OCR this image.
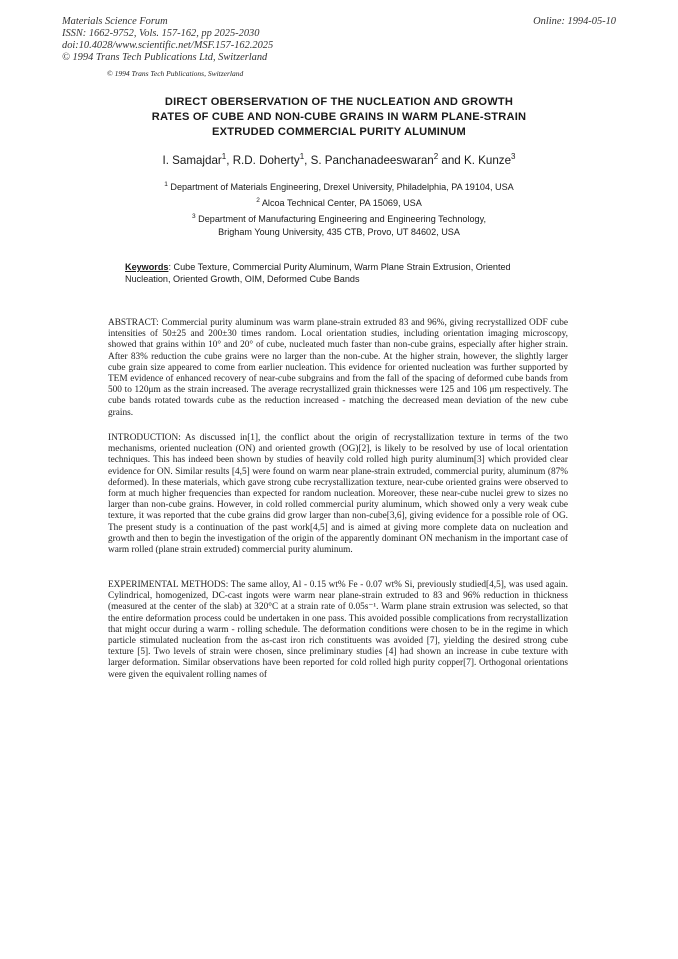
Materials Science Forum
ISSN: 1662-9752, Vols. 157-162, pp 2025-2030
doi:10.4028/www.scientific.net/MSF.157-162.2025
© 1994 Trans Tech Publications Ltd, Switzerland
Online: 1994-05-10
© 1994 Trans Tech Publications, Switzerland
DIRECT OBERSERVATION OF THE NUCLEATION AND GROWTH
RATES OF CUBE AND NON-CUBE GRAINS IN WARM PLANE-STRAIN
EXTRUDED COMMERCIAL PURITY ALUMINUM
I. Samajdar$^1$, R.D. Doherty$^1$, S. Panchanadeeswaran$^2$ and K. Kunze$^3$
$^1$ Department of Materials Engineering, Drexel University, Philadelphia, PA 19104, USA
$^2$ Alcoa Technical Center, PA 15069, USA
$^3$ Department of Manufacturing Engineering and Engineering Technology,
Brigham Young University, 435 CTB, Provo, UT 84602, USA
Keywords: Cube Texture, Commercial Purity Aluminum, Warm Plane Strain Extrusion, Oriented Nucleation, Oriented Growth, OIM, Deformed Cube Bands

ABSTRACT: Commercial purity aluminum was warm plane-strain extruded 83 and 96%, giving recrystallized ODF cube intensities of 50±25 and 200±30 times random. Local orientation studies, including orientation imaging microscopy, showed that grains within 10° and 20° of cube, nucleated much faster than non-cube grains, especially after higher strain. After 83% reduction the cube grains were no larger than the non-cube. At the higher strain, however, the slightly larger cube grain size appeared to come from earlier nucleation. This evidence for oriented nucleation was further supported by TEM evidence of enhanced recovery of near-cube subgrains and from the fall of the spacing of deformed cube bands from 500 to 120μm as the strain increased. The average recrystallized grain thicknesses were 125 and 106 μm respectively. The cube bands rotated towards cube as the reduction increased - matching the decreased mean deviation of the new cube grains.

INTRODUCTION: As discussed in[1], the conflict about the origin of recrystallization texture in terms of the two mechanisms, oriented nucleation (ON) and oriented growth (OG)[2], is likely to be resolved by use of local orientation techniques. This has indeed been shown by studies of heavily cold rolled high purity aluminum[3] which provided clear evidence for ON. Similar results [4,5] were found on warm near plane-strain extruded, commercial purity, aluminum (87% deformed). In these materials, which gave strong cube recrystallization texture, near-cube oriented grains were observed to form at much higher frequencies than expected for random nucleation. Moreover, these near-cube nuclei grew to sizes no larger than non-cube grains. However, in cold rolled commercial purity aluminum, which showed only a very weak cube texture, it was reported that the cube grains did grow larger than non-cube[3,6], giving evidence for a possible role of OG. The present study is a continuation of the past work[4,5] and is aimed at giving more complete data on nucleation and growth and then to begin the investigation of the origin of the apparently dominant ON mechanism in the important case of warm rolled (plane strain extruded) commercial purity aluminum.

EXPERIMENTAL METHODS: The same alloy, Al - 0.15 wt% Fe - 0.07 wt% Si, previously studied[4,5], was used again. Cylindrical, homogenized, DC-cast ingots were warm near plane-strain extruded to 83 and 96% reduction in thickness (measured at the center of the slab) at 320°C at a strain rate of 0.05s⁻¹. Warm plane strain extrusion was selected, so that the entire deformation process could be undertaken in one pass. This avoided possible complications from recrystallization that might occur during a warm - rolling schedule. The deformation conditions were chosen to be in the regime in which particle stimulated nucleation from the as-cast iron rich constituents was avoided [7], yielding the desired strong cube texture [5]. Two levels of strain were chosen, since preliminary studies [4] had shown an increase in cube texture with larger deformation. Similar observations have been reported for cold rolled high purity copper[7]. Orthogonal orientations were given the equivalent rolling names of
